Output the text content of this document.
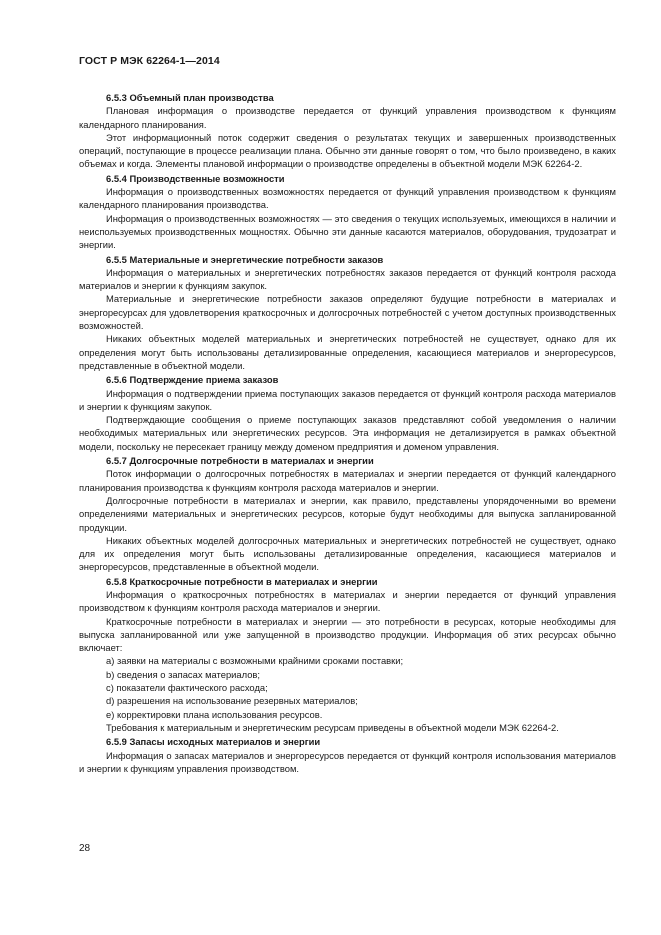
ГОСТ Р МЭК 62264-1—2014

6.5.3 Объемный план производства

Плановая информация о производстве передается от функций управления производством к функциям календарного планирования.

Этот информационный поток содержит сведения о результатах текущих и завершенных производственных операций, поступающие в процессе реализации плана. Обычно эти данные говорят о том, что было произведено, в каких объемах и когда. Элементы плановой информации о производстве определены в объектной модели МЭК 62264-2.

6.5.4 Производственные возможности

Информация о производственных возможностях передается от функций управления производством к функциям календарного планирования производства.

Информация о производственных возможностях — это сведения о текущих используемых, имеющихся в наличии и неиспользуемых производственных мощностях. Обычно эти данные касаются материалов, оборудования, трудозатрат и энергии.

6.5.5 Материальные и энергетические потребности заказов

Информация о материальных и энергетических потребностях заказов передается от функций контроля расхода материалов и энергии к функциям закупок.

Материальные и энергетические потребности заказов определяют будущие потребности в материалах и энергоресурсах для удовлетворения краткосрочных и долгосрочных потребностей с учетом доступных производственных возможностей.

Никаких объектных моделей материальных и энергетических потребностей не существует, однако для их определения могут быть использованы детализированные определения, касающиеся материалов и энергоресурсов, представленные в объектной модели.

6.5.6 Подтверждение приема заказов

Информация о подтверждении приема поступающих заказов передается от функций контроля расхода материалов и энергии к функциям закупок.

Подтверждающие сообщения о приеме поступающих заказов представляют собой уведомления о наличии необходимых материальных или энергетических ресурсов. Эта информация не детализируется в рамках объектной модели, поскольку не пересекает границу между доменом предприятия и доменом управления.

6.5.7 Долгосрочные потребности в материалах и энергии

Поток информации о долгосрочных потребностях в материалах и энергии передается от функций календарного планирования производства к функциям контроля расхода материалов и энергии.

Долгосрочные потребности в материалах и энергии, как правило, представлены упорядоченными во времени определениями материальных и энергетических ресурсов, которые будут необходимы для выпуска запланированной продукции.

Никаких объектных моделей долгосрочных материальных и энергетических потребностей не существует, однако для их определения могут быть использованы детализированные определения, касающиеся материалов и энергоресурсов, представленные в объектной модели.

6.5.8 Краткосрочные потребности в материалах и энергии

Информация о краткосрочных потребностях в материалах и энергии передается от функций управления производством к функциям контроля расхода материалов и энергии.

Краткосрочные потребности в материалах и энергии — это потребности в ресурсах, которые необходимы для выпуска запланированной или уже запущенной в производство продукции. Информация об этих ресурсах обычно включает:

a) заявки на материалы с возможными крайними сроками поставки;

b) сведения о запасах материалов;

c) показатели фактического расхода;

d) разрешения на использование резервных материалов;

e) корректировки плана использования ресурсов.

Требования к материальным и энергетическим ресурсам приведены в объектной модели МЭК 62264-2.

6.5.9 Запасы исходных материалов и энергии

Информация о запасах материалов и энергоресурсов передается от функций контроля использования материалов и энергии к функциям управления производством.

28
